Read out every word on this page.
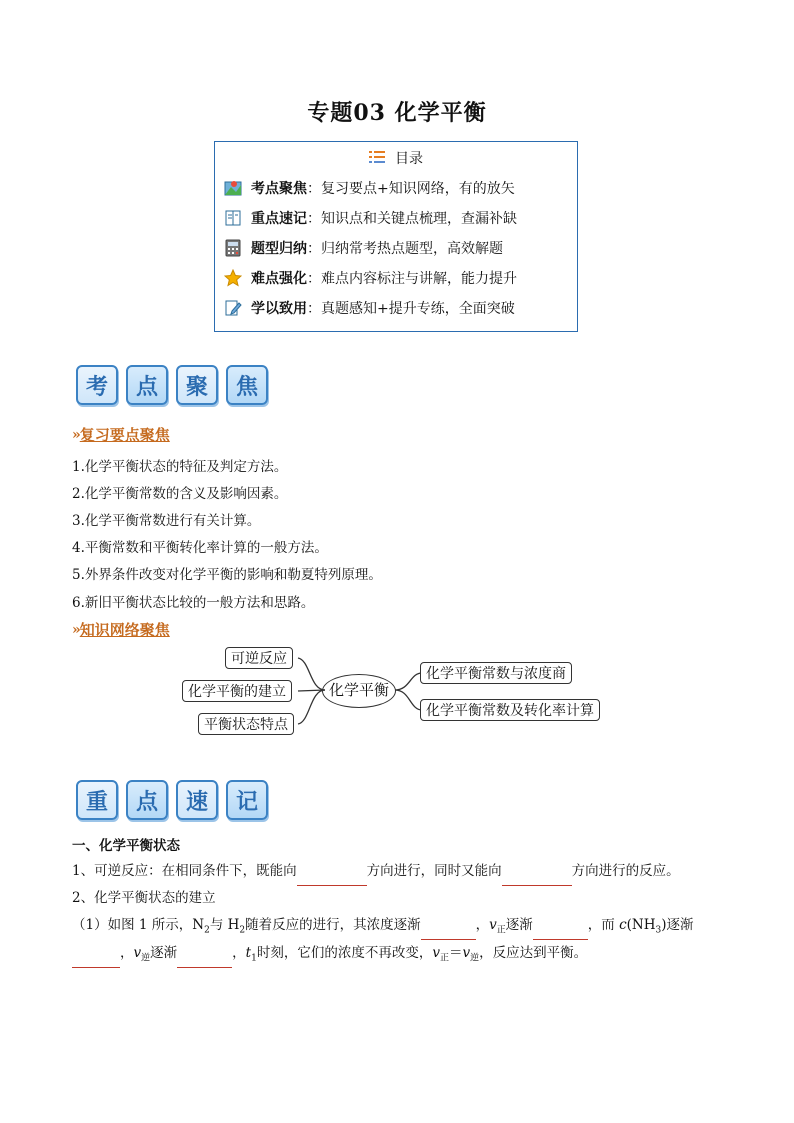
专题03 化学平衡
目录
考点聚焦 ：复习要点+知识网络，有的放矢
重点速记 ：知识点和关键点梳理，查漏补缺
题型归纳 ：归纳常考热点题型，高效解题
难点强化 ：难点内容标注与讲解，能力提升
学以致用 ：真题感知+提升专练，全面突破
考	点	聚	焦
» 复习要点聚焦
1.化学平衡状态的特征及判定方法。
2.化学平衡常数的含义及影响因素。
3.化学平衡常数进行有关计算。
4.平衡常数和平衡转化率计算的一般方法。
5.外界条件改变对化学平衡的影响和勒夏特列原理。
6.新旧平衡状态比较的一般方法和思路。
» 知识网络聚焦
可逆反应
化学平衡的建立
平衡状态特点
化学平衡
化学平衡常数与浓度商
化学平衡常数及转化率计算
重	点	速	记
一、化学平衡状态
1、可逆反应：在相同条件下，既能向	方向进行，同时又能向	方向进行的反应。
2、化学平衡状态的建立
（1）如图 1 所示，$N_2$与 $H_2$随着反应的进行，其浓度逐渐	，$v_正$逐渐	，而 $c(NH_3)$逐渐
，$v_逆$逐渐	，$t_1$时刻，它们的浓度不再改变，$v_正=v_逆$，反应达到平衡。
